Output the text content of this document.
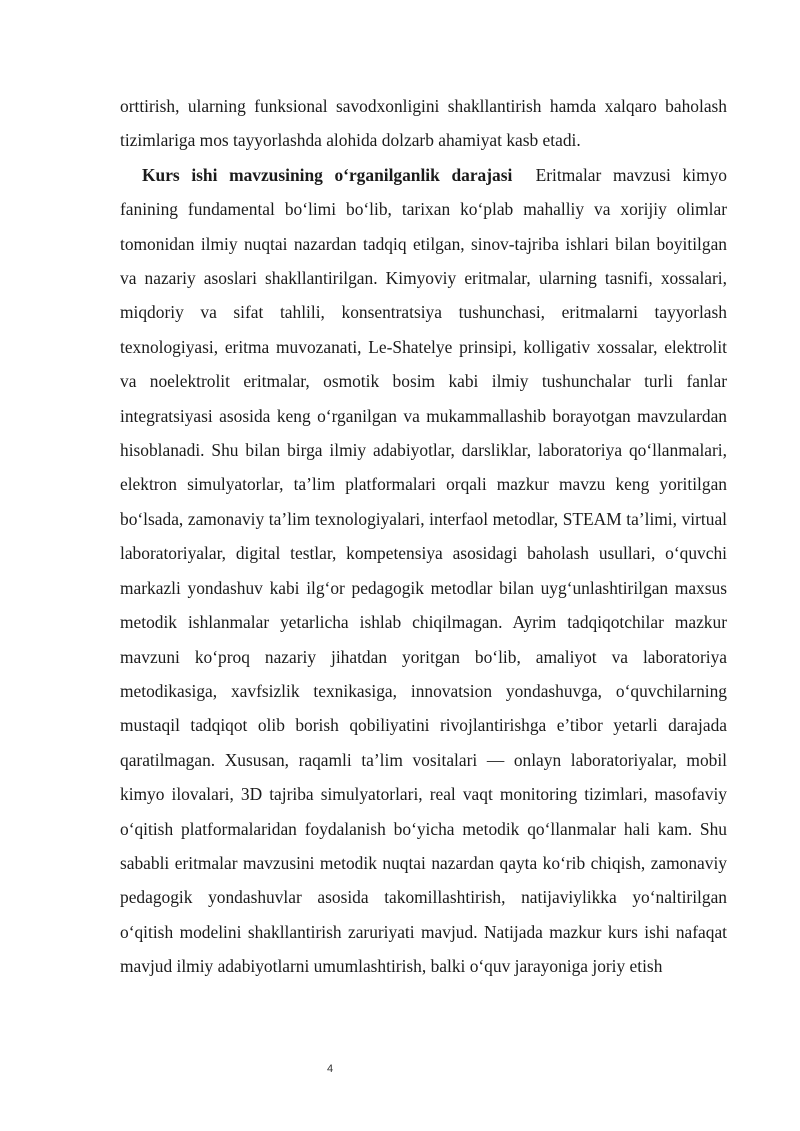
orttirish, ularning funksional savodxonligini shakllantirish hamda xalqaro baholash tizimlariga mos tayyorlashda alohida dolzarb ahamiyat kasb etadi.

Kurs ishi mavzusining o‘rganilganlik darajasi Eritmalar mavzusi kimyo fanining fundamental bo‘limi bo‘lib, tarixan ko‘plab mahalliy va xorijiy olimlar tomonidan ilmiy nuqtai nazardan tadqiq etilgan, sinov-tajriba ishlari bilan boyitilgan va nazariy asoslari shakllantirilgan. Kimyoviy eritmalar, ularning tasnifi, xossalari, miqdoriy va sifat tahlili, konsentratsiya tushunchasi, eritmalarni tayyorlash texnologiyasi, eritma muvozanati, Le-Shatelye prinsipi, kolligativ xossalar, elektrolit va noelektrolit eritmalar, osmotik bosim kabi ilmiy tushunchalar turli fanlar integratsiyasi asosida keng o‘rganilgan va mukammallashib borayotgan mavzulardan hisoblanadi. Shu bilan birga ilmiy adabiyotlar, darsliklar, laboratoriya qo‘llanmalari, elektron simulyatorlar, ta’lim platformalari orqali mazkur mavzu keng yoritilgan bo‘lsada, zamonaviy ta’lim texnologiyalari, interfaol metodlar, STEAM ta’limi, virtual laboratoriyalar, digital testlar, kompetensiya asosidagi baholash usullari, o‘quvchi markazli yondashuv kabi ilg‘or pedagogik metodlar bilan uyg‘unlashtirilgan maxsus metodik ishlanmalar yetarlicha ishlab chiqilmagan. Ayrim tadqiqotchilar mazkur mavzuni ko‘proq nazariy jihatdan yoritgan bo‘lib, amaliyot va laboratoriya metodikasiga, xavfsizlik texnikasiga, innovatsion yondashuvga, o‘quvchilarning mustaqil tadqiqot olib borish qobiliyatini rivojlantirishga e’tibor yetarli darajada qaratilmagan. Xususan, raqamli ta’lim vositalari — onlayn laboratoriyalar, mobil kimyo ilovalari, 3D tajriba simulyatorlari, real vaqt monitoring tizimlari, masofaviy o‘qitish platformalaridan foydalanish bo‘yicha metodik qo‘llanmalar hali kam. Shu sababli eritmalar mavzusini metodik nuqtai nazardan qayta ko‘rib chiqish, zamonaviy pedagogik yondashuvlar asosida takomillashtirish, natijaviylikka yo‘naltirilgan o‘qitish modelini shakllantirish zaruriyati mavjud. Natijada mazkur kurs ishi nafaqat mavjud ilmiy adabiyotlarni umumlashtirish, balki o‘quv jarayoniga joriy etish

4
